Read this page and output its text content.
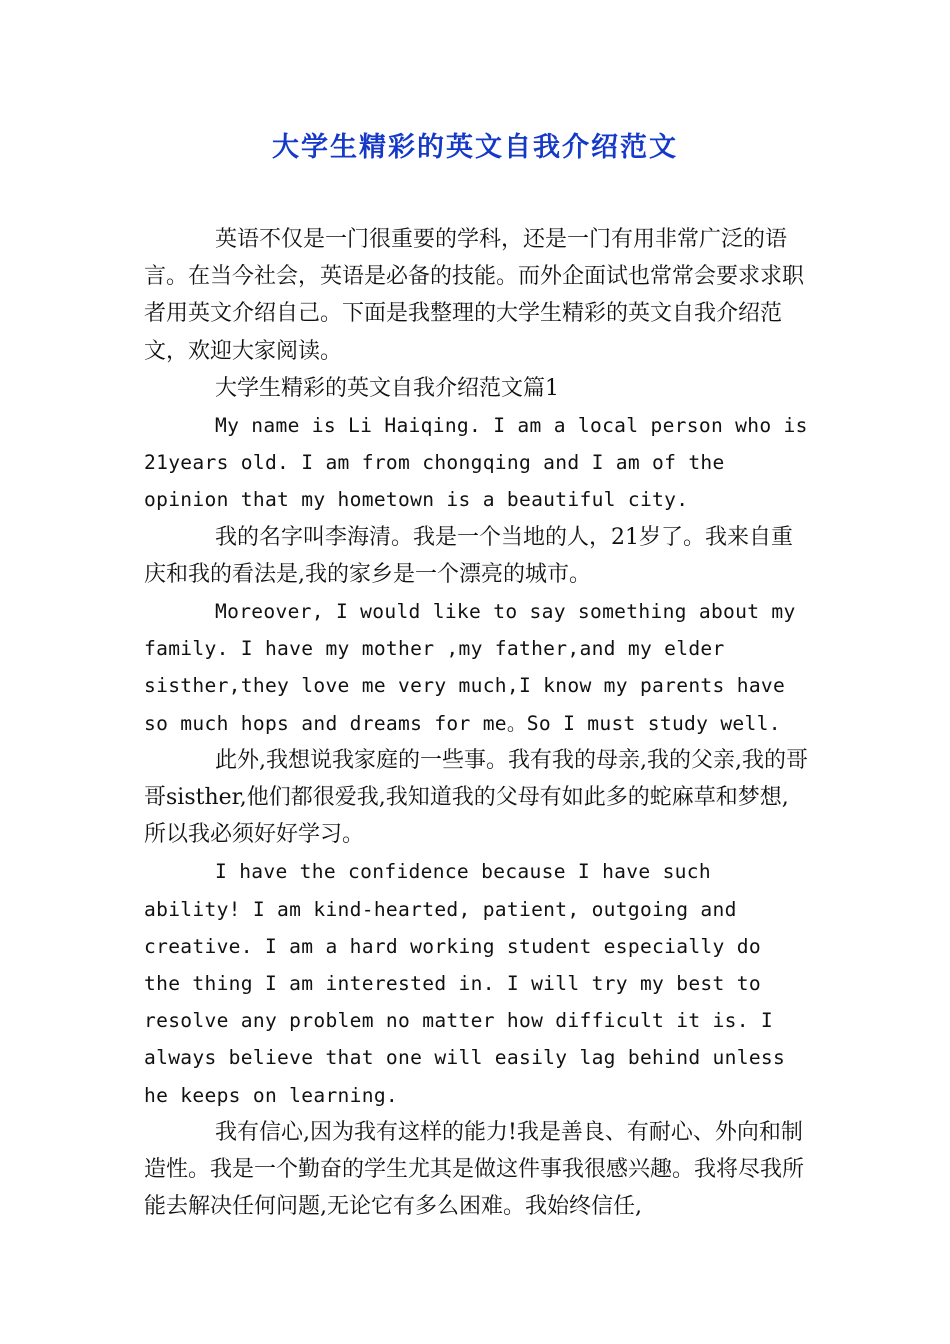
大学生精彩的英文自我介绍范文

英语不仅是一门很重要的学科，还是一门有用非常广泛的语言。在当今社会，英语是必备的技能。而外企面试也常常会要求求职者用英文介绍自己。下面是我整理的大学生精彩的英文自我介绍范文，欢迎大家阅读。

大学生精彩的英文自我介绍范文篇1

My name is Li Haiqing. I am a local person who is 21years old. I am from chongqing and I am of the opinion that my hometown is a beautiful city.

我的名字叫李海清。我是一个当地的人，21岁了。我来自重庆和我的看法是,我的家乡是一个漂亮的城市。

Moreover, I would like to say something about my family. I have my mother ,my father,and my elder sisther,they love me very much,I know my parents have so much hops and dreams for me。So I must study well.

此外,我想说我家庭的一些事。我有我的母亲,我的父亲,我的哥哥sisther,他们都很爱我,我知道我的父母有如此多的蛇麻草和梦想,所以我必须好好学习。

I have the confidence because I have such ability! I am kind-hearted, patient, outgoing and creative. I am a hard working student especially do the thing I am interested in. I will try my best to resolve any problem no matter how difficult it is. I always believe that one will easily lag behind unless he keeps on learning.

我有信心,因为我有这样的能力!我是善良、有耐心、外向和制造性。我是一个勤奋的学生尤其是做这件事我很感兴趣。我将尽我所能去解决任何问题,无论它有多么困难。我始终信任,
